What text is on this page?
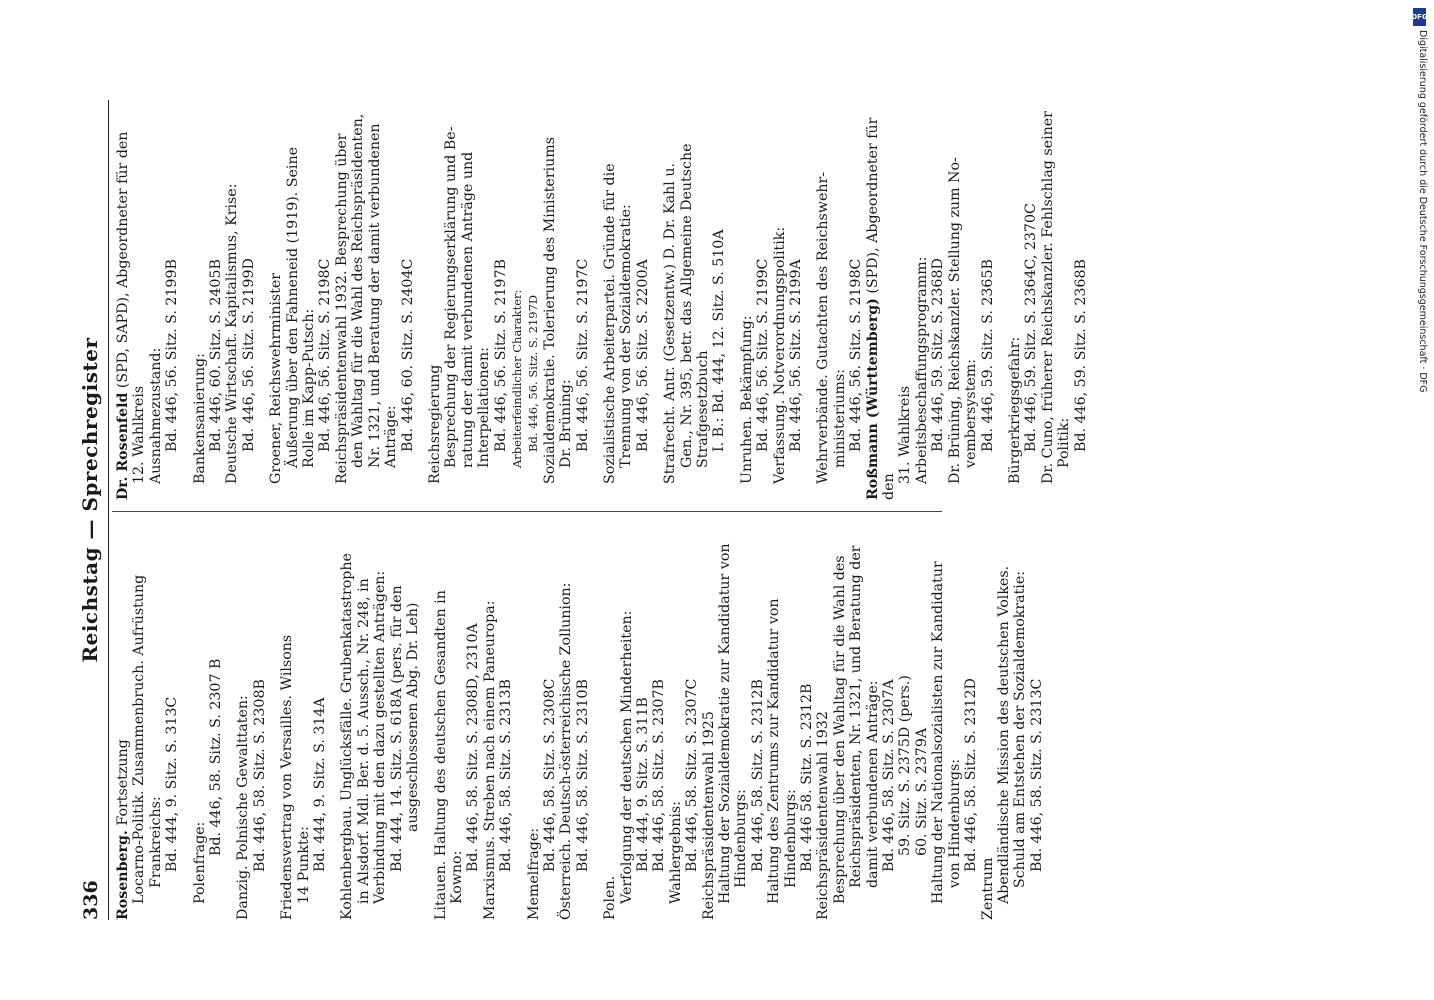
336
Reichstag — Sprechregister
Rosenberg. Fortsetzung Locarno-Politik. Zusammenbruch. Aufrüstung Frankreichs: Bd. 444, 9. Sitz. S. 313C Polenfrage:
Bd. 446, 58. Sitz. S. 2307 B Danzig. Polnische Gewalttaten: Bd. 446, 58. Sitz. S. 2308B Friedensvertrag von Versailles. Wilsons 14 Punkte: Bd. 444, 9. Sitz. S. 314A Kohlenbergbau. Unglücksfälle. Grubenkatastrophe in Alsdorf. Mdl. Ber. d. 5. Aussch., Nr. 248, in Verbindung mit den dazu gestellten Anträgen: Bd. 444, 14. Sitz. S. 618A (pers. für den ausgeschlossenen Abg. Dr. Leh) Litauen. Haltung des deutschen Gesandten in Kowno:
Bd. 446, 58. Sitz. S. 2308D, 2310A Marxismus. Streben nach einem Paneuropa: Bd. 446, 58. Sitz. S. 2313B
Memelfrage:
Bd. 446, 58. Sitz. S. 2308C Österreich. Deutsch-österreichische Zollunion: Bd. 446, 58. Sitz. S. 2310B
Polen. Verfolgung der deutschen Minderheiten: Bd. 444, 9. Sitz. S. 311B Bd. 446, 58. Sitz. S. 2307B Wahlergebnis: Bd. 446, 58. Sitz. S. 2307C Reichspräsidentenwahl 1925 Haltung der Sozialdemokratie zur Kandidatur von Hindenburgs: Bd. 446, 58. Sitz. S. 2312B Haltung des Zentrums zur Kandidatur von Hindenburgs: Bd. 446 58. Sitz. S. 2312B Reichspräsidentenwahl 1932 Besprechung über den Wahltag für die Wahl des Reichspräsidenten, Nr. 1321, und Beratung der damit verbundenen Anträge: Bd. 446, 58. Sitz. S. 2307A 59. Sitz. S. 2375D (pers.) 60. Sitz. S. 2379A Haltung der Nationalsozialisten zur Kandidatur von Hindenburgs: Bd. 446, 58. Sitz. S. 2312D
Zentrum Abendländische Mission des deutschen Volkes. Schuld am Entstehen der Sozialdemokratie: Bd. 446, 58. Sitz. S. 2313C
Dr. Rosenfeld (SPD, SAPD), Abgeordneter für den
12. Wahlkreis Ausnahmezustand: Bd. 446, 56. Sitz. S. 2199B Bankensanierung: Bd. 446, 60. Sitz. S. 2405B Deutsche Wirtschaft. Kapitalismus, Krise: Bd. 446, 56. Sitz. S. 2199D Groener, Reichswehrminister Äußerung über den Fahneneid (1919). Seine Rolle im Kapp-Putsch: Bd. 446, 56. Sitz. S. 2198C Reichspräsidentenwahl 1932. Besprechung über den Wahltag für die Wahl des Reichspräsidenten, Nr. 1321, und Beratung der damit verbundenen Anträge: Bd. 446, 60. Sitz. S. 2404C Reichsregierung Besprechung der Regierungserklärung und Be- ratung der damit verbundenen Anträge und Interpellationen: Bd. 446, 56. Sitz. S. 2197B Arbeiterfeindlicher Charakter: Bd. 446, 56. Sitz. S. 2197D Sozialdemokratie. Tolerierung des Ministeriums Dr. Brüning: Bd. 446, 56. Sitz. S. 2197C Sozialistische Arbeiterpartei. Gründe für die Trennung von der Sozialdemokratie: Bd. 446, 56. Sitz. S. 2200A Strafrecht. Antr. (Gesetzentw.) D. Dr. Kahl u. Gen., Nr. 395, betr. das Allgemeine Deutsche Strafgesetzbuch I. B.: Bd. 444, 12. Sitz. S. 510A Unruhen. Bekämpfung: Bd. 446, 56. Sitz. S. 2199C Verfassung. Notverordnungspolitik: Bd. 446, 56. Sitz. S. 2199A Wehrverbände. Gutachten des Reichswehr- ministeriums: Bd. 446, 56. Sitz. S. 2198C Roßmann (Württemberg) (SPD), Abgeordneter für den
31. Wahlkreis Arbeitsbeschaffungsprogramm: Bd. 446, 59. Sitz. S. 2368D Dr. Brüning, Reichskanzler. Stellung zum No- vembersystem: Bd. 446, 59. Sitz. S. 2365B Bürgerkriegsgefahr: Bd. 446, 59. Sitz. S. 2364C, 2370C Dr. Cuno, früherer Reichskanzler. Fehlschlag seiner Politik: Bd. 446, 59. Sitz. S. 2368B
DFG
Digitalisierung gefördert durch die Deutsche Forschungsgemeinschaft · DFG
